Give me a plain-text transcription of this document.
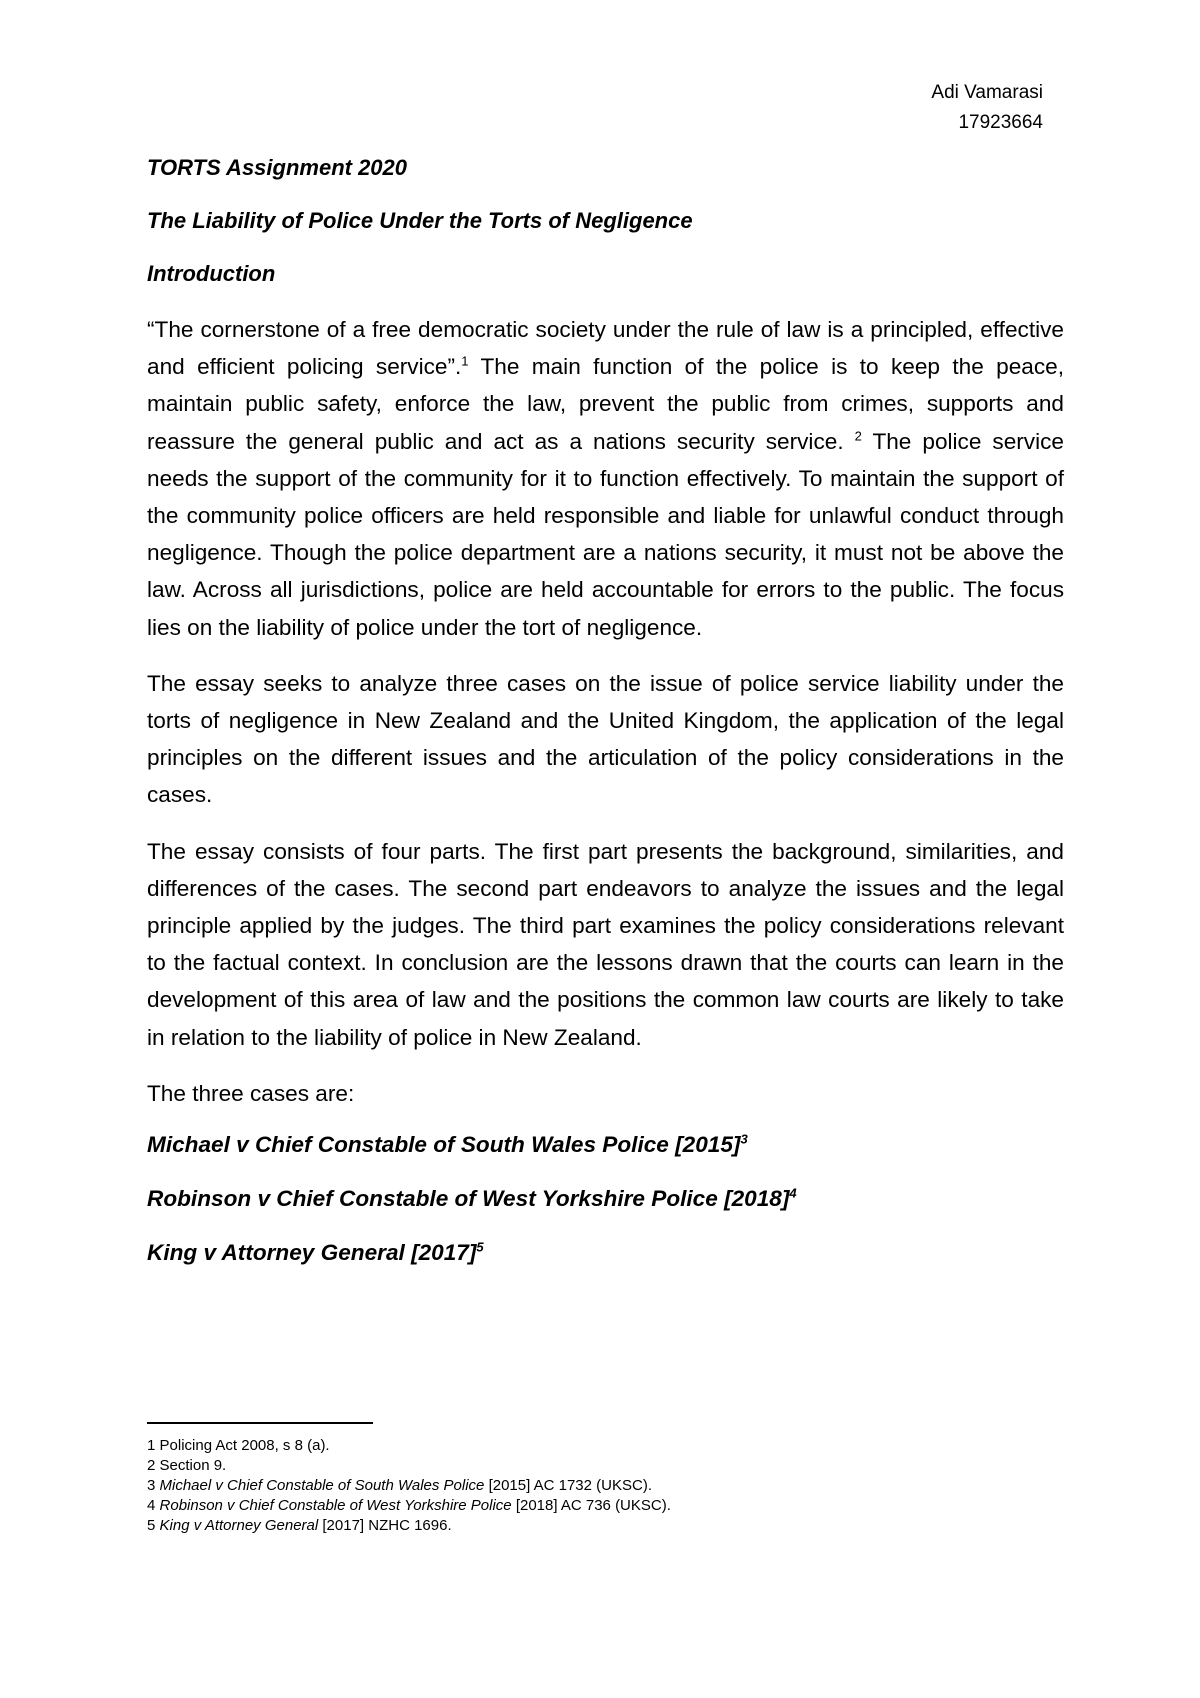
Adi Vamarasi
17923664
TORTS Assignment 2020
The Liability of Police Under the Torts of Negligence
Introduction

“The cornerstone of a free democratic society under the rule of law is a principled, effective and efficient policing service”.$^1$ The main function of the police is to keep the peace, maintain public safety, enforce the law, prevent the public from crimes, supports and reassure the general public and act as a nations security service. $^2$ The police service needs the support of the community for it to function effectively. To maintain the support of the community police officers are held responsible and liable for unlawful conduct through negligence. Though the police department are a nations security, it must not be above the law. Across all jurisdictions, police are held accountable for errors to the public. The focus lies on the liability of police under the tort of negligence.

The essay seeks to analyze three cases on the issue of police service liability under the torts of negligence in New Zealand and the United Kingdom, the application of the legal principles on the different issues and the articulation of the policy considerations in the cases.

The essay consists of four parts. The first part presents the background, similarities, and differences of the cases. The second part endeavors to analyze the issues and the legal principle applied by the judges. The third part examines the policy considerations relevant to the factual context. In conclusion are the lessons drawn that the courts can learn in the development of this area of law and the positions the common law courts are likely to take in relation to the liability of police in New Zealand.

The three cases are:

Michael v Chief Constable of South Wales Police $[2015]^3$

Robinson v Chief Constable of West Yorkshire Police $[2018]^4$

King v Attorney General $[2017]^5$

1 Policing Act 2008, s 8 (a).

2 Section 9.

3 Michael v Chief Constable of South Wales Police [2015] AC 1732 (UKSC).

4 Robinson v Chief Constable of West Yorkshire Police [2018] AC 736 (UKSC).

5 King v Attorney General [2017] NZHC 1696.
